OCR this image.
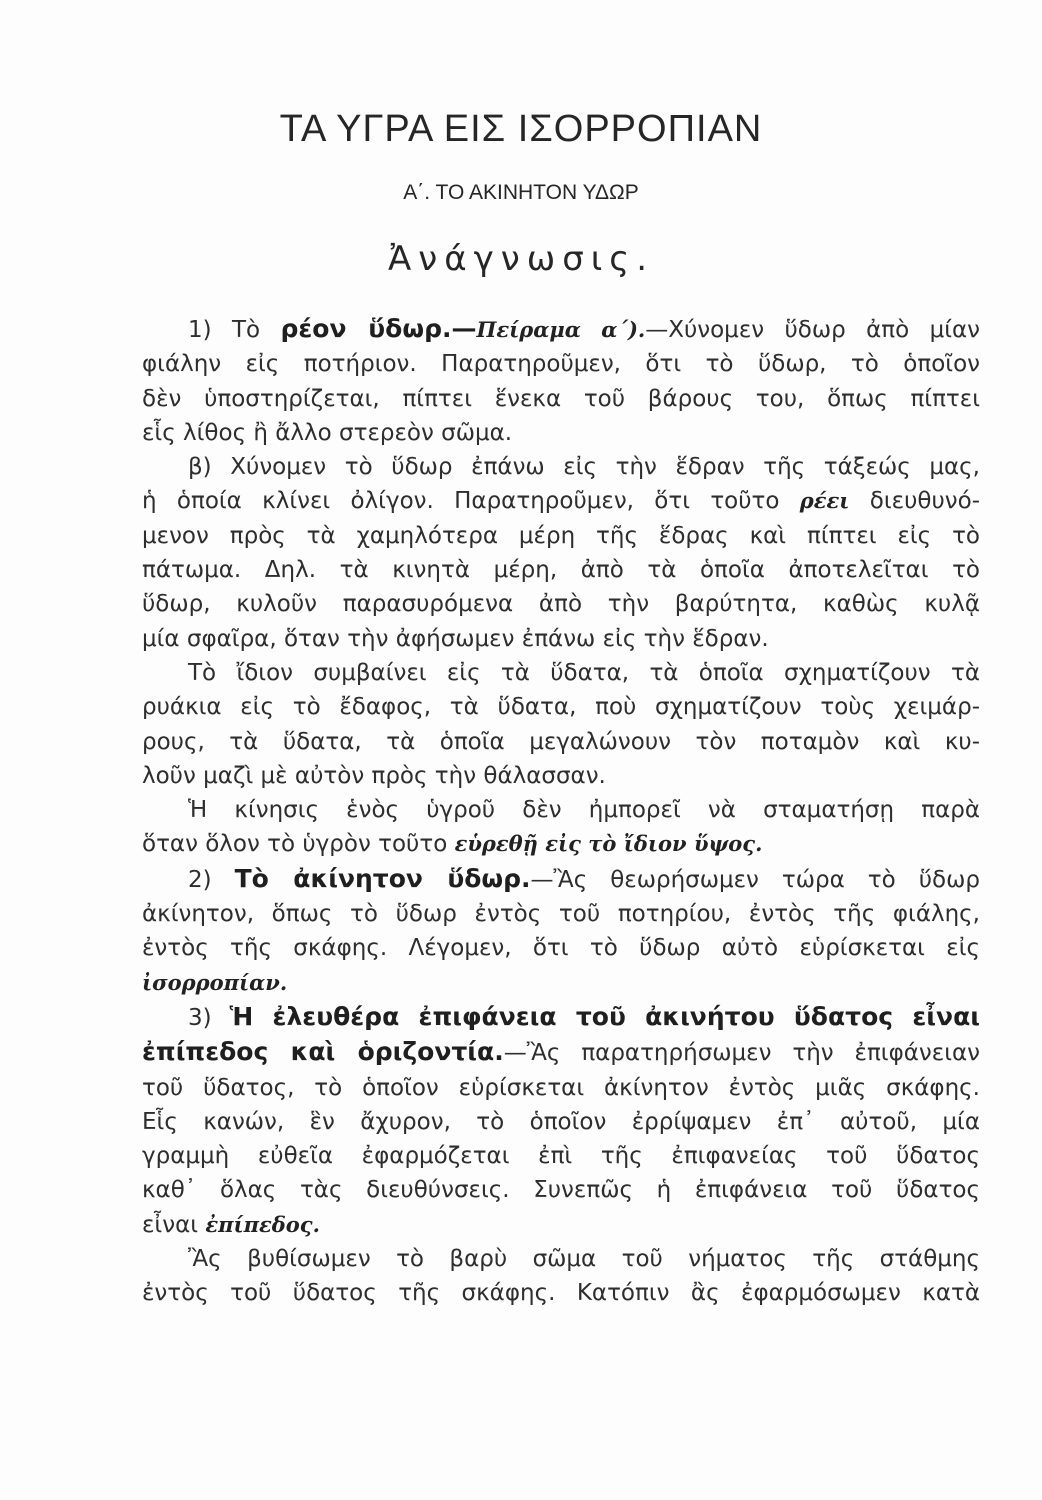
ΤΑ ΥΓΡΑ ΕΙΣ ΙΣΟΡΡΟΠΙΑΝ
Α΄. ΤΟ ΑΚΙΝΗΤΟΝ ΥΔΩΡ
Ἀνάγνωσις.
1) Τὸ ρέον ὕδωρ.—Πείραμα α΄).—Χύνομεν ὕδωρ ἀπὸ μίαν
φιάλην εἰς ποτήριον. Παρατηροῦμεν, ὅτι τὸ ὕδωρ, τὸ ὁποῖον
δὲν ὑποστηρίζεται, πίπτει ἕνεκα τοῦ βάρους του, ὅπως πίπτει
εἷς λίθος ἢ ἄλλο στερεὸν σῶμα.
β) Χύνομεν τὸ ὕδωρ ἐπάνω εἰς τὴν ἕδραν τῆς τάξεώς μας,
ἡ ὁποία κλίνει ὀλίγον. Παρατηροῦμεν, ὅτι τοῦτο ρέει διευθυνό-
μενον πρὸς τὰ χαμηλότερα μέρη τῆς ἕδρας καὶ πίπτει εἰς τὸ
πάτωμα. Δηλ. τὰ κινητὰ μέρη, ἀπὸ τὰ ὁποῖα ἀποτελεῖται τὸ
ὕδωρ, κυλοῦν παρασυρόμενα ἀπὸ τὴν βαρύτητα, καθὼς κυλᾷ
μία σφαῖρα, ὅταν τὴν ἀφήσωμεν ἐπάνω εἰς τὴν ἕδραν.
Τὸ ἴδιον συμβαίνει εἰς τὰ ὕδατα, τὰ ὁποῖα σχηματίζουν τὰ
ρυάκια εἰς τὸ ἔδαφος, τὰ ὕδατα, ποὺ σχηματίζουν τοὺς χειμάρ-
ρους, τὰ ὕδατα, τὰ ὁποῖα μεγαλώνουν τὸν ποταμὸν καὶ κυ-
λοῦν μαζὶ μὲ αὐτὸν πρὸς τὴν θάλασσαν.
Ἡ κίνησις ἑνὸς ὑγροῦ δὲν ἠμπορεῖ νὰ σταματήσῃ παρὰ
ὅταν ὅλον τὸ ὑγρὸν τοῦτο εὑρεθῇ εἰς τὸ ἴδιον ὕψος.
2) Τὸ ἀκίνητον ὕδωρ.—Ἂς θεωρήσωμεν τώρα τὸ ὕδωρ
ἀκίνητον, ὅπως τὸ ὕδωρ ἐντὸς τοῦ ποτηρίου, ἐντὸς τῆς φιάλης,
ἐντὸς τῆς σκάφης. Λέγομεν, ὅτι τὸ ὕδωρ αὐτὸ εὑρίσκεται εἰς
ἰσορροπίαν.
3) Ἡ ἐλευθέρα ἐπιφάνεια τοῦ ἀκινήτου ὕδατος εἶναι
ἐπίπεδος καὶ ὁριζοντία.—Ἂς παρατηρήσωμεν τὴν ἐπιφάνειαν
τοῦ ὕδατος, τὸ ὁποῖον εὑρίσκεται ἀκίνητον ἐντὸς μιᾶς σκάφης.
Εἷς κανών, ἓν ἄχυρον, τὸ ὁποῖον ἐρρίψαμεν ἐπ᾽ αὐτοῦ, μία
γραμμὴ εὐθεῖα ἐφαρμόζεται ἐπὶ τῆς ἐπιφανείας τοῦ ὕδατος
καθ᾽ ὅλας τὰς διευθύνσεις. Συνεπῶς ἡ ἐπιφάνεια τοῦ ὕδατος
εἶναι ἐπίπεδος.
Ἂς βυθίσωμεν τὸ βαρὺ σῶμα τοῦ νήματος τῆς στάθμης
ἐντὸς τοῦ ὕδατος τῆς σκάφης. Κατόπιν ἂς ἐφαρμόσωμεν κατὰ
